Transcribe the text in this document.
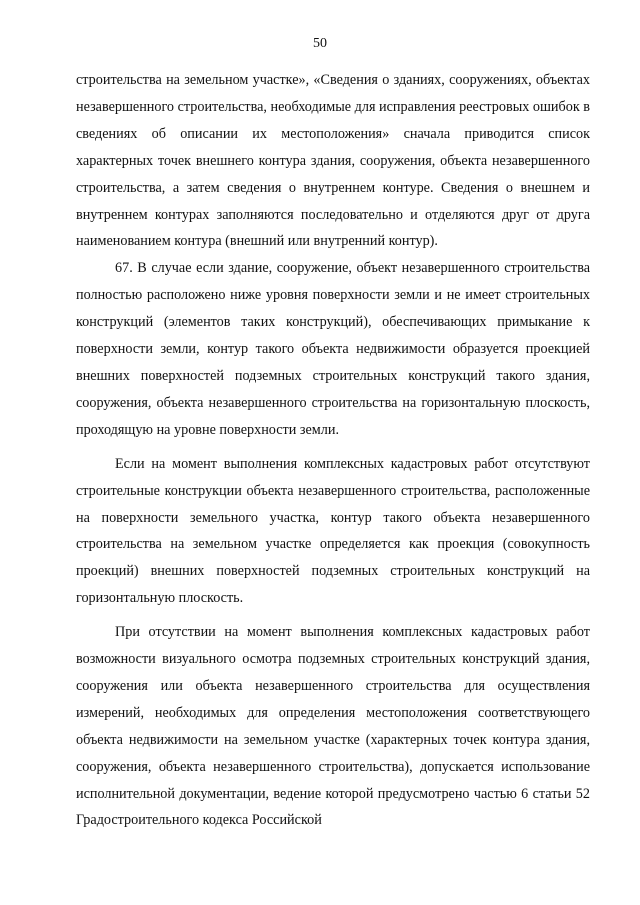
50

строительства на земельном участке», «Сведения о зданиях, сооружениях, объектах незавершенного строительства, необходимые для исправления реестровых ошибок в сведениях об описании их местоположения» сначала приводится список характерных точек внешнего контура здания, сооружения, объекта незавершенного строительства, а затем сведения о внутреннем контуре. Сведения о внешнем и внутреннем контурах заполняются последовательно и отделяются друг от друга наименованием контура (внешний или внутренний контур).

67. В случае если здание, сооружение, объект незавершенного строительства полностью расположено ниже уровня поверхности земли и не имеет строительных конструкций (элементов таких конструкций), обеспечивающих примыкание к поверхности земли, контур такого объекта недвижимости образуется проекцией внешних поверхностей подземных строительных конструкций такого здания, сооружения, объекта незавершенного строительства на горизонтальную плоскость, проходящую на уровне поверхности земли.

Если на момент выполнения комплексных кадастровых работ отсутствуют строительные конструкции объекта незавершенного строительства, расположенные на поверхности земельного участка, контур такого объекта незавершенного строительства на земельном участке определяется как проекция (совокупность проекций) внешних поверхностей подземных строительных конструкций на горизонтальную плоскость.

При отсутствии на момент выполнения комплексных кадастровых работ возможности визуального осмотра подземных строительных конструкций здания, сооружения или объекта незавершенного строительства для осуществления измерений, необходимых для определения местоположения соответствующего объекта недвижимости на земельном участке (характерных точек контура здания, сооружения, объекта незавершенного строительства), допускается использование исполнительной документации, ведение которой предусмотрено частью 6 статьи 52 Градостроительного кодекса Российской
